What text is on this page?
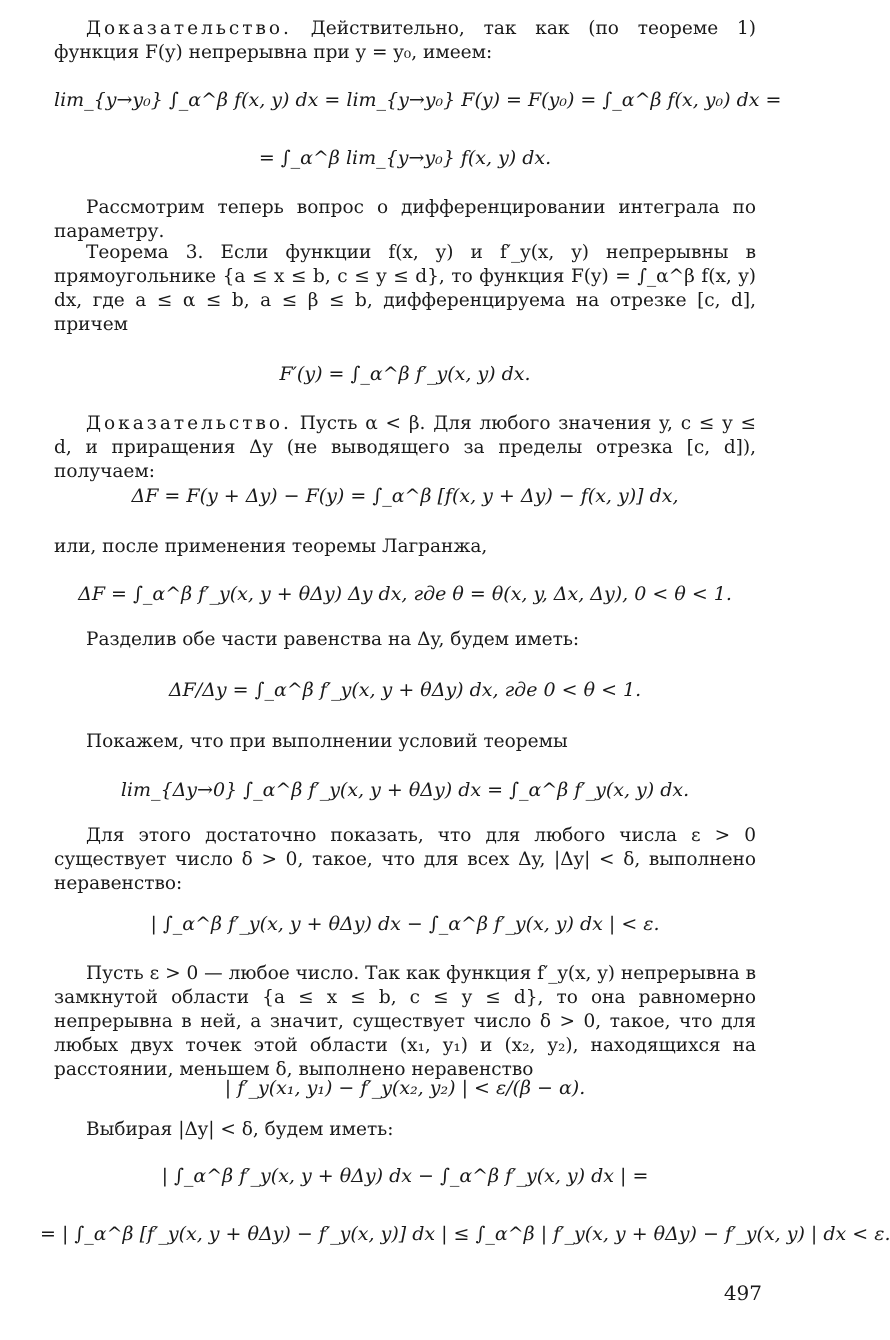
Доказательство. Действительно, так как (по теореме 1) функция F(y) непрерывна при y = y₀, имеем:
lim_{y→y₀} ∫_α^β f(x, y) dx = lim_{y→y₀} F(y) = F(y₀) = ∫_α^β f(x, y₀) dx =
= ∫_α^β lim_{y→y₀} f(x, y) dx.
Рассмотрим теперь вопрос о дифференцировании интеграла по параметру.
Теорема 3. Если функции f(x, y) и f′_y(x, y) непрерывны в прямоугольнике {a ≤ x ≤ b, c ≤ y ≤ d}, то функция F(y) = ∫_α^β f(x, y) dx, где a ≤ α ≤ b, a ≤ β ≤ b, дифференцируема на отрезке [c, d], причем
F′(y) = ∫_α^β f′_y(x, y) dx.
Доказательство. Пусть α < β. Для любого значения y, c ≤ y ≤ d, и приращения Δy (не выводящего за пределы отрезка [c, d]), получаем:
ΔF = F(y + Δy) − F(y) = ∫_α^β [f(x, y + Δy) − f(x, y)] dx,
или, после применения теоремы Лагранжа,
ΔF = ∫_α^β f′_y(x, y + θΔy) Δy dx, где θ = θ(x, y, Δx, Δy), 0 < θ < 1.
Разделив обе части равенства на Δy, будем иметь:
ΔF/Δy = ∫_α^β f′_y(x, y + θΔy) dx, где 0 < θ < 1.
Покажем, что при выполнении условий теоремы
lim_{Δy→0} ∫_α^β f′_y(x, y + θΔy) dx = ∫_α^β f′_y(x, y) dx.
Для этого достаточно показать, что для любого числа ε > 0 существует число δ > 0, такое, что для всех Δy, |Δy| < δ, выполнено неравенство:
| ∫_α^β f′_y(x, y + θΔy) dx − ∫_α^β f′_y(x, y) dx | < ε.
Пусть ε > 0 — любое число. Так как функция f′_y(x, y) непрерывна в замкнутой области {a ≤ x ≤ b, c ≤ y ≤ d}, то она равномерно непрерывна в ней, а значит, существует число δ > 0, такое, что для любых двух точек этой области (x₁, y₁) и (x₂, y₂), находящихся на расстоянии, меньшем δ, выполнено неравенство
| f′_y(x₁, y₁) − f′_y(x₂, y₂) | < ε/(β − α).
Выбирая |Δy| < δ, будем иметь:
| ∫_α^β f′_y(x, y + θΔy) dx − ∫_α^β f′_y(x, y) dx | =
= | ∫_α^β [f′_y(x, y + θΔy) − f′_y(x, y)] dx | ≤ ∫_α^β | f′_y(x, y + θΔy) − f′_y(x, y) | dx < ε.
497
